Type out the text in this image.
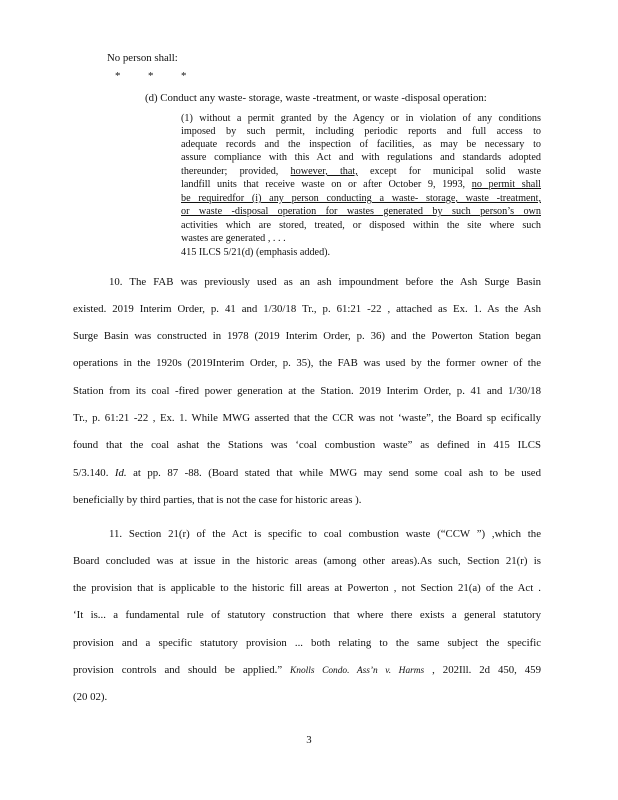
No person shall:
*	*	*
(d) Conduct any waste- storage, waste -treatment, or waste -disposal operation:
(1) without a permit granted by the Agency or in violation of any conditions
imposed by such permit, including periodic reports and full access to
adequate records and the inspection of facilities, as may be necessary to
assure compliance with this Act and with regulations and standards adopted
thereunder; provided, however, that, except for municipal solid waste
landfill units that receive waste on or after October 9, 1993, no permit shall
be requiredfor (i) any person conducting a waste- storage, waste -treatment,
or waste -disposal operation for wastes generated by such person’s own
activities which are stored, treated, or disposed within the site where such
wastes are generated , . . .
415 ILCS 5/21(d) (emphasis added).
10. The FAB was previously used as an ash impoundment before the Ash Surge Basin
existed. 2019 Interim Order, p. 41 and 1/30/18 Tr., p. 61:21 -22 , attached as Ex. 1. As the Ash
Surge Basin was constructed in 1978 (2019 Interim Order, p. 36) and the Powerton Station began
operations in the 1920s (2019Interim Order, p. 35), the FAB was used by the former owner of the
Station from its coal -fired power generation at the Station. 2019 Interim Order, p. 41 and 1/30/18
Tr., p. 61:21 -22 , Ex. 1. While MWG asserted that the CCR was not ‘waste”, the Board sp ecifically
found that the coal ashat the Stations was ‘coal combustion waste” as defined in 415 ILCS
5/3.140. Id. at pp. 87 -88. (Board stated that while MWG may send some coal ash to be used
beneficially by third parties, that is not the case for historic areas ).
11. Section 21(r) of the Act is specific to coal combustion waste (“CCW ”) ,which the
Board concluded was at issue in the historic areas (among other areas).As such, Section 21(r) is
the provision that is applicable to the historic fill areas at Powerton , not Section 21(a) of the Act .
‘It is... a fundamental rule of statutory construction that where there exists a general statutory
provision and a specific statutory provision ... both relating to the same subject the specific
provision controls and should be applied.” Knolls Condo. Ass’n v. Harms , 202Ill. 2d 450, 459
(20 02).
3
